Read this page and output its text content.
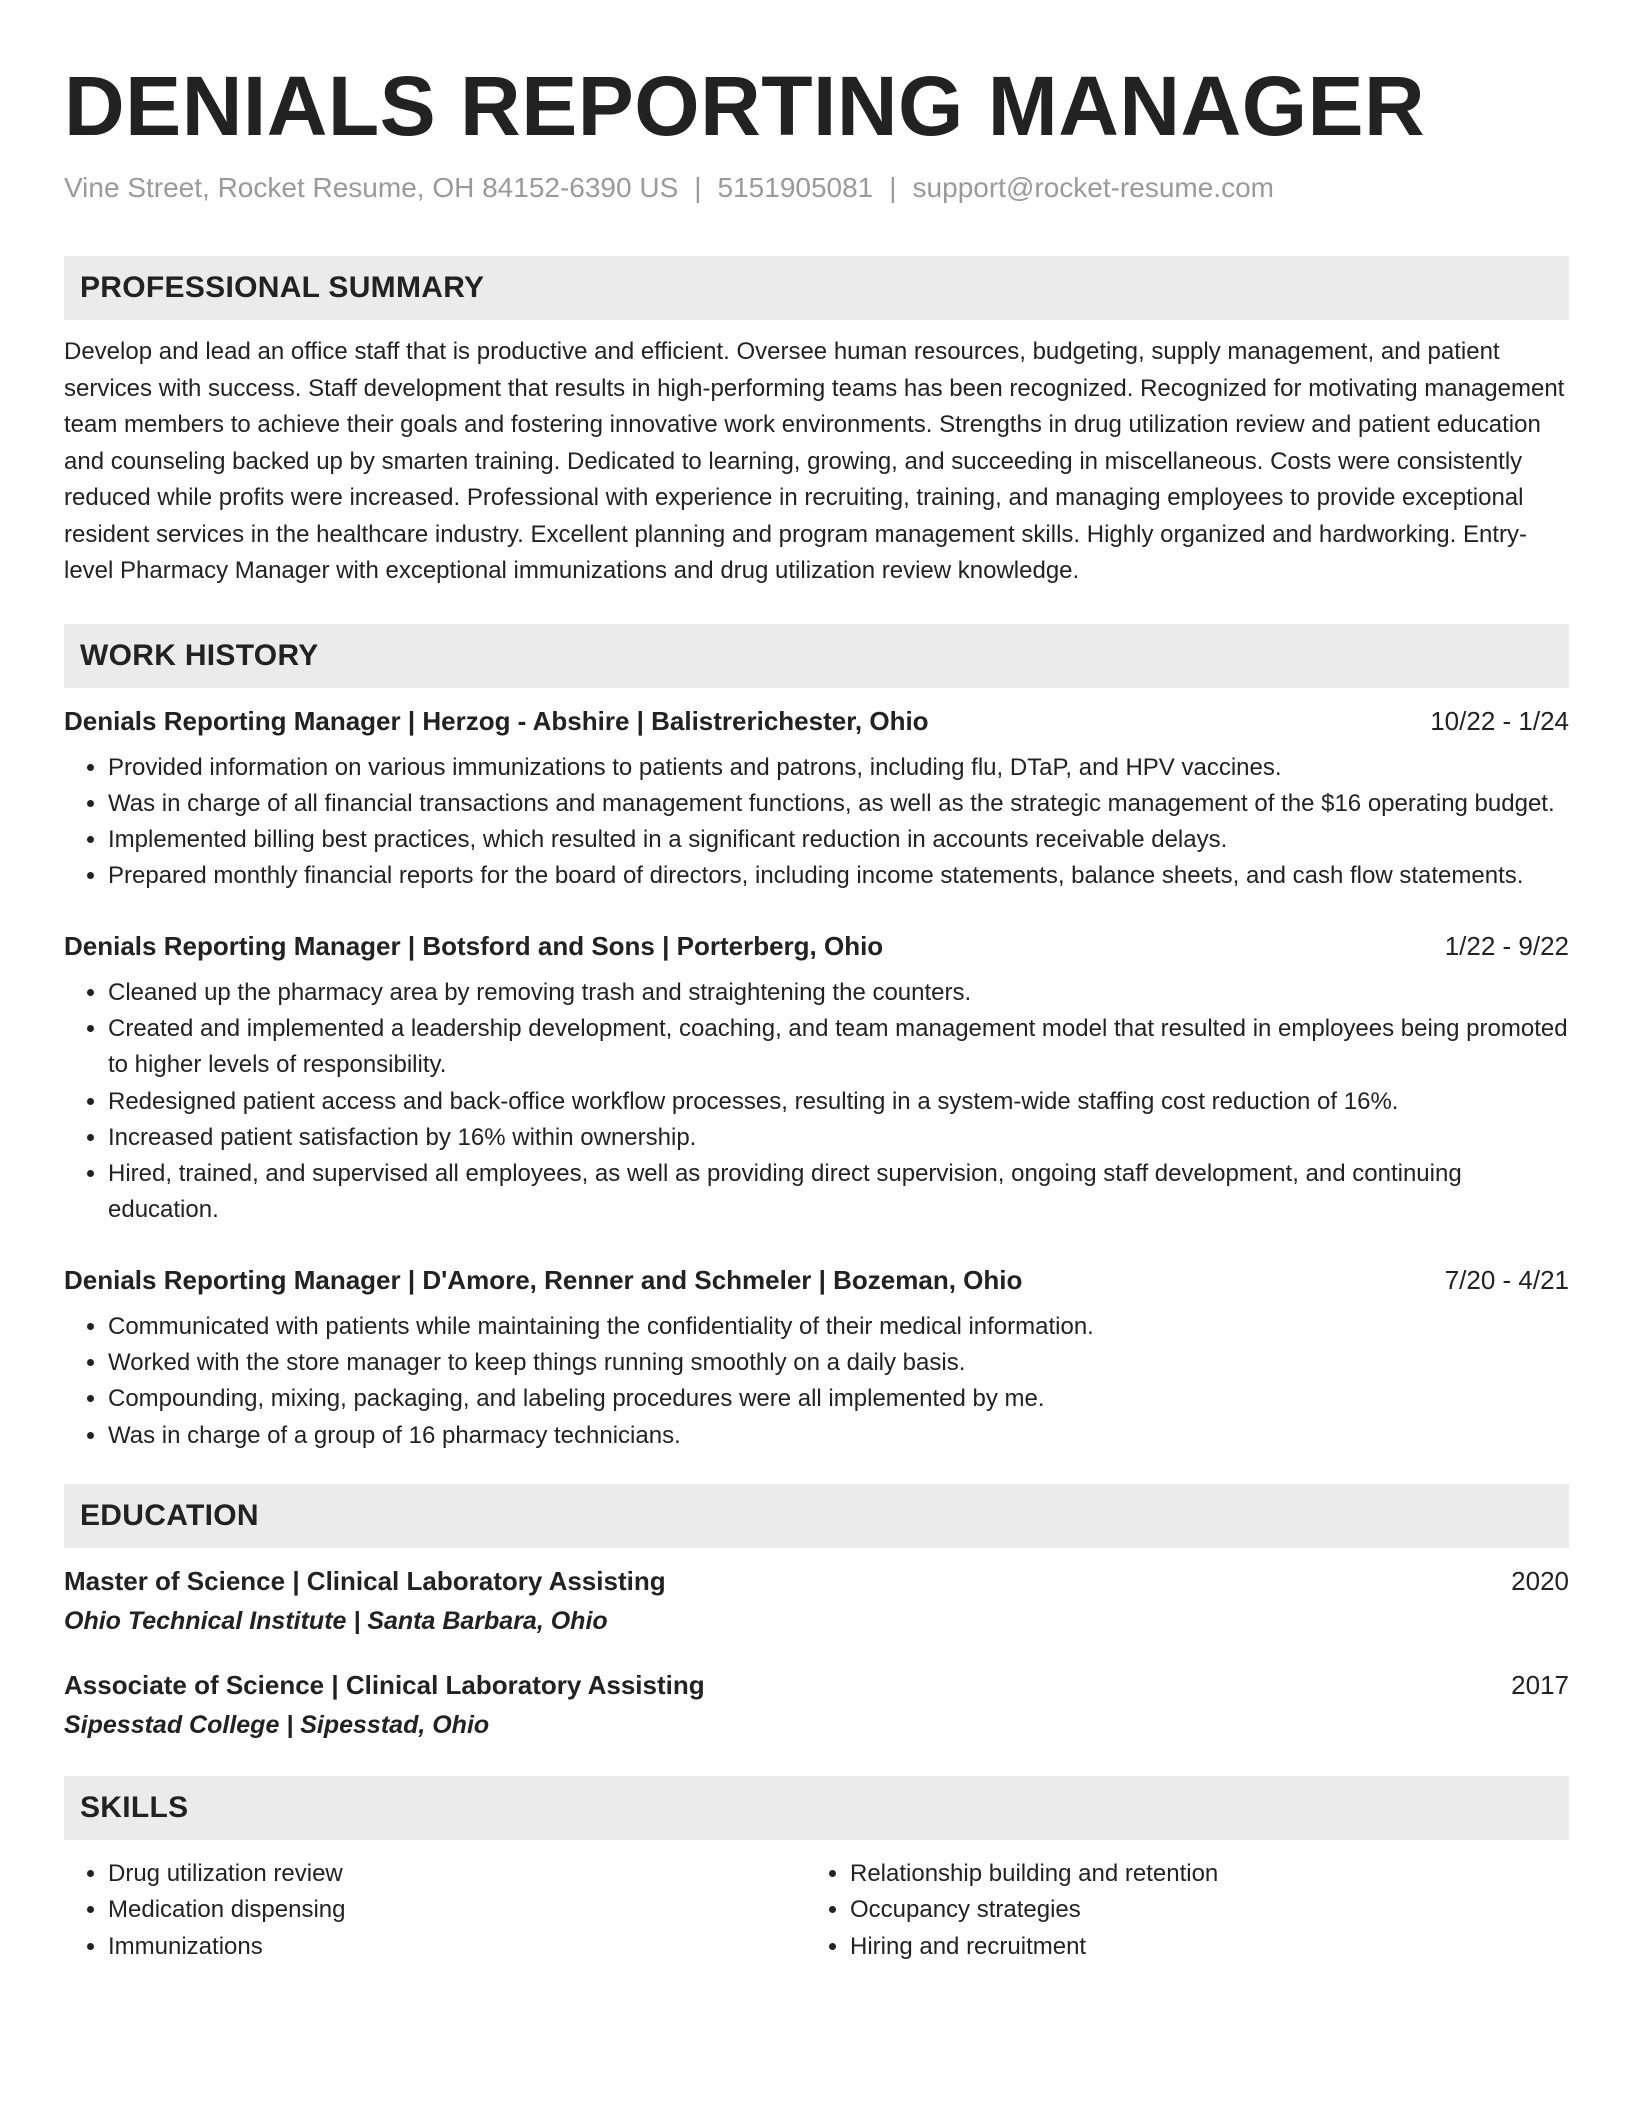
DENIALS REPORTING MANAGER
Vine Street, Rocket Resume, OH 84152-6390 US | 5151905081 | support@rocket-resume.com
PROFESSIONAL SUMMARY

Develop and lead an office staff that is productive and efficient. Oversee human resources, budgeting, supply management, and patient services with success. Staff development that results in high-performing teams has been recognized. Recognized for motivating management team members to achieve their goals and fostering innovative work environments. Strengths in drug utilization review and patient education and counseling backed up by smarten training. Dedicated to learning, growing, and succeeding in miscellaneous. Costs were consistently reduced while profits were increased. Professional with experience in recruiting, training, and managing employees to provide exceptional resident services in the healthcare industry. Excellent planning and program management skills. Highly organized and hardworking. Entry-level Pharmacy Manager with exceptional immunizations and drug utilization review knowledge.

WORK HISTORY
Denials Reporting Manager | Herzog - Abshire | Balistrerichester, Ohio	10/22 - 1/24
• Provided information on various immunizations to patients and patrons, including flu, DTaP, and HPV vaccines.
• Was in charge of all financial transactions and management functions, as well as the strategic management of the $16 operating budget.
• Implemented billing best practices, which resulted in a significant reduction in accounts receivable delays.
• Prepared monthly financial reports for the board of directors, including income statements, balance sheets, and cash flow statements.
Denials Reporting Manager | Botsford and Sons | Porterberg, Ohio	1/22 - 9/22
• Cleaned up the pharmacy area by removing trash and straightening the counters.
• Created and implemented a leadership development, coaching, and team management model that resulted in employees being promoted to higher levels of responsibility.
• Redesigned patient access and back-office workflow processes, resulting in a system-wide staffing cost reduction of 16%.
• Increased patient satisfaction by 16% within ownership.
• Hired, trained, and supervised all employees, as well as providing direct supervision, ongoing staff development, and continuing education.
Denials Reporting Manager | D'Amore, Renner and Schmeler | Bozeman, Ohio	7/20 - 4/21
• Communicated with patients while maintaining the confidentiality of their medical information.
• Worked with the store manager to keep things running smoothly on a daily basis.
• Compounding, mixing, packaging, and labeling procedures were all implemented by me.
• Was in charge of a group of 16 pharmacy technicians.
EDUCATION
Master of Science | Clinical Laboratory Assisting	2020
Ohio Technical Institute | Santa Barbara, Ohio
Associate of Science | Clinical Laboratory Assisting	2017
Sipesstad College | Sipesstad, Ohio
SKILLS
• Drug utilization review
• Medication dispensing
• Immunizations
• Relationship building and retention
• Occupancy strategies
• Hiring and recruitment
